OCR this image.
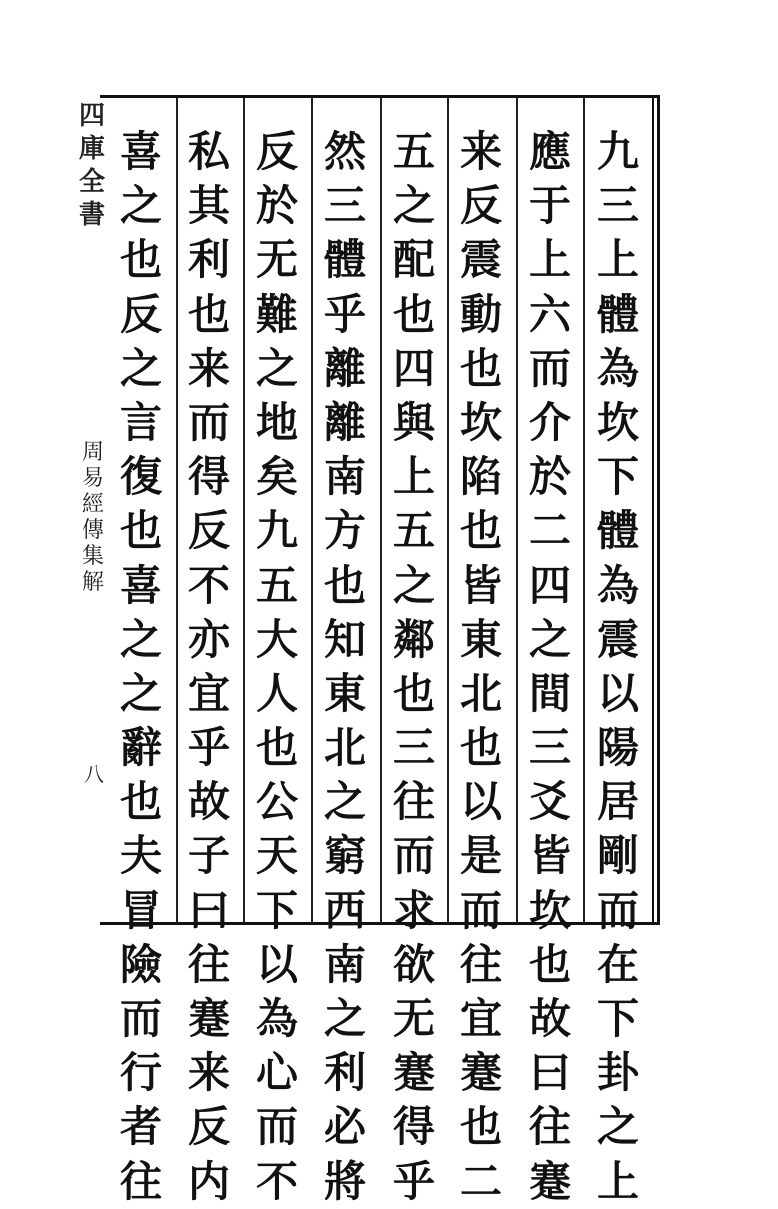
四
庫
全
書
周
易
經
傳
集
解
八
九
三
上
體
為
坎
下
體
為
震
以
陽
居
剛
而
在
下
卦
之
上
應
于
上
六
而
介
於
二
四
之
間
三
爻
皆
坎
也
故
曰
往
蹇
来
反
震
動
也
坎
陷
也
皆
東
北
也
以
是
而
往
宜
蹇
也
二
五
之
配
也
四
與
上
五
之
鄰
也
三
往
而
求
欲
无
蹇
得
乎
然
三
體
乎
離
離
南
方
也
知
東
北
之
窮
西
南
之
利
必
將
反
於
无
難
之
地
矣
九
五
大
人
也
公
天
下
以
為
心
而
不
私
其
利
也
来
而
得
反
不
亦
宜
乎
故
子
曰
往
蹇
来
反
内
喜
之
也
反
之
言
復
也
喜
之
之
辭
也
夫
冒
險
而
行
者
往
